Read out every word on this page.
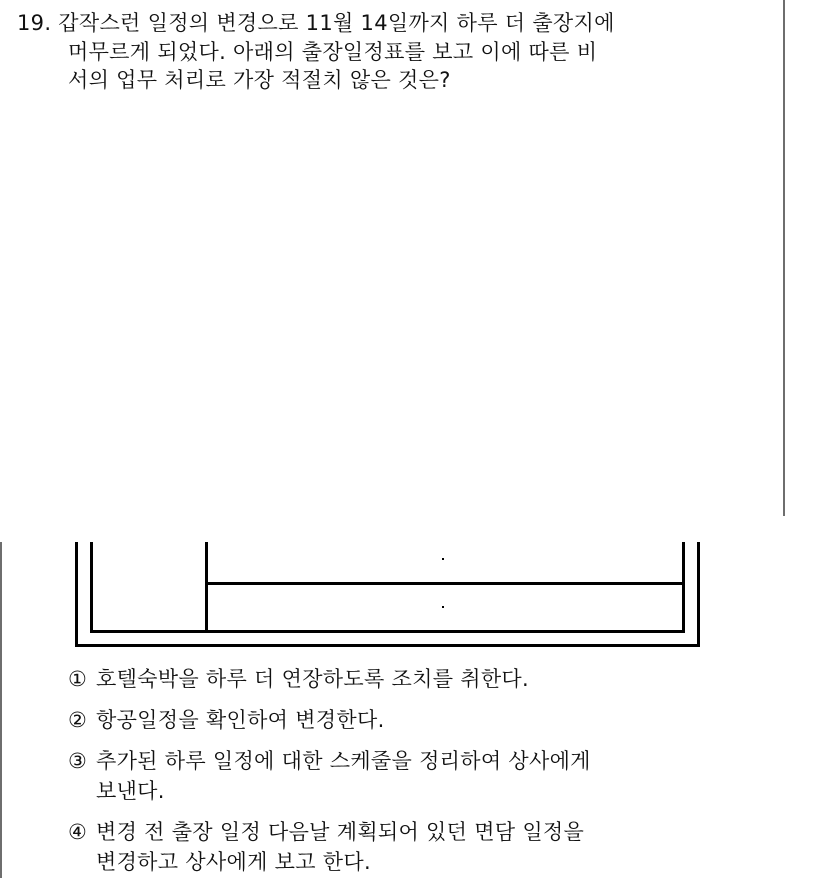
19. 갑작스런 일정의 변경으로 11월 14일까지 하루 더 출장지에
머무르게 되었다. 아래의 출장일정표를 보고 이에 따른 비
서의 업무 처리로 가장 적절치 않은 것은?
① 호텔숙박을 하루 더 연장하도록 조치를 취한다.
② 항공일정을 확인하여 변경한다.
③ 추가된 하루 일정에 대한 스케줄을 정리하여 상사에게
보낸다.
④ 변경 전 출장 일정 다음날 계획되어 있던 면담 일정을
변경하고 상사에게 보고 한다.
